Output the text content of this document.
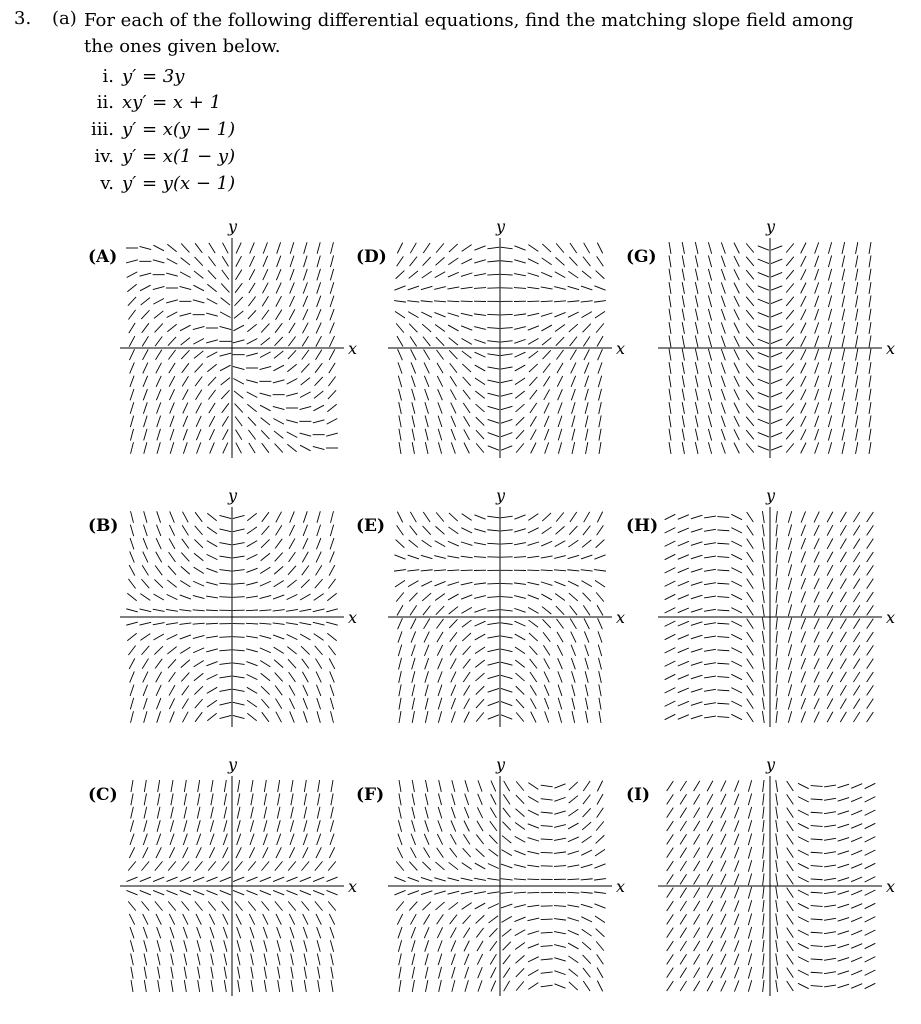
3. (a) For each of the following differential equations, find the matching slope field among the ones given below.
i. y′ = 3y
ii. xy′ = x + 1
iii. y′ = x(y − 1)
iv. y′ = x(1 − y)
v. y′ = y(x − 1)
(A)
x
y
(D)
x
y
(G)
x
y
(B)
x
y
(E)
x
y
(H)
x
y
(C)
x
y
(F)
x
y
(I)
x
y
